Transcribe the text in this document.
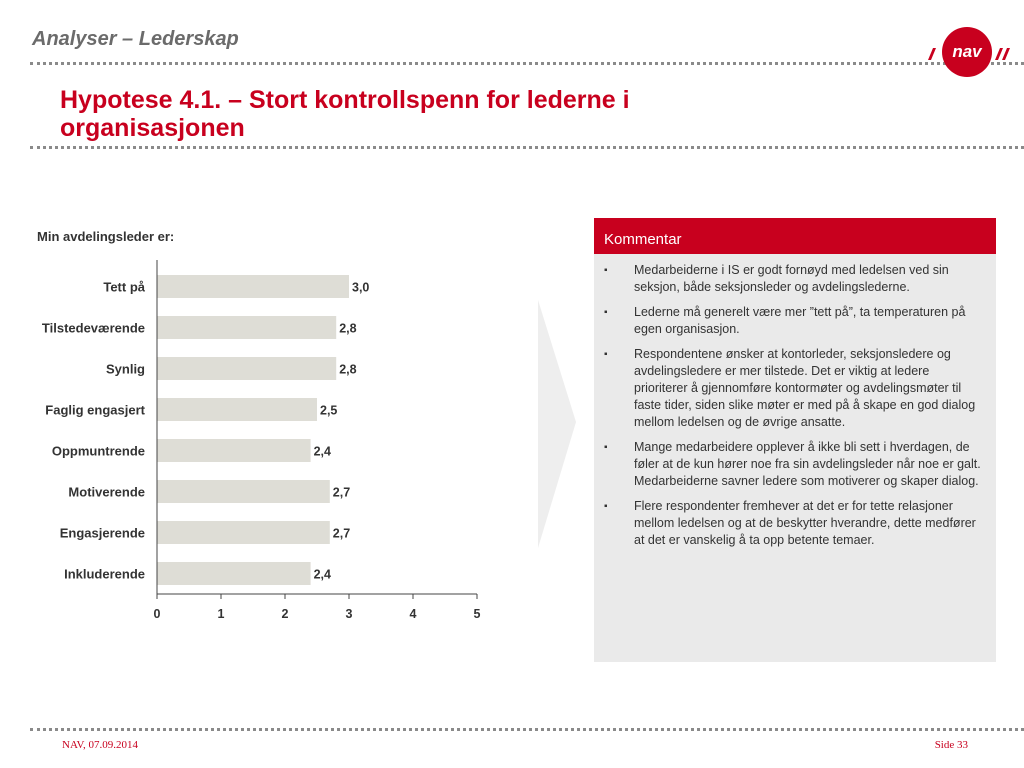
Analyser – Lederskap
nav
Hypotese 4.1. – Stort kontrollspenn for lederne i organisasjonen
Min avdelingsleder er:
Tett på	3,0
Tilstedeværende	2,8
Synlig	2,8
Faglig engasjert	2,5
Oppmuntrende	2,4
Motiverende	2,7
Engasjerende	2,7
Inkluderende	2,4
0	1	2	3	4	5
Kommentar
▪ Medarbeiderne i IS er godt fornøyd med ledelsen ved sin seksjon, både seksjonsleder og avdelingslederne.
▪ Lederne må generelt være mer ”tett på”, ta temperaturen på egen organisasjon.
▪ Respondentene ønsker at kontorleder, seksjonsledere og avdelingsledere er mer tilstede. Det er viktig at ledere prioriterer å gjennomføre kontormøter og avdelingsmøter til faste tider, siden slike møter er med på å skape en god dialog mellom ledelsen og de øvrige ansatte.
▪ Mange medarbeidere opplever å ikke bli sett i hverdagen, de føler at de kun hører noe fra sin avdelingsleder når noe er galt. Medarbeiderne savner ledere som motiverer og skaper dialog.
▪ Flere respondenter fremhever at det er for tette relasjoner mellom ledelsen og at de beskytter hverandre, dette medfører at det er vanskelig å ta opp betente temaer.
NAV, 07.09.2014	Side 33
